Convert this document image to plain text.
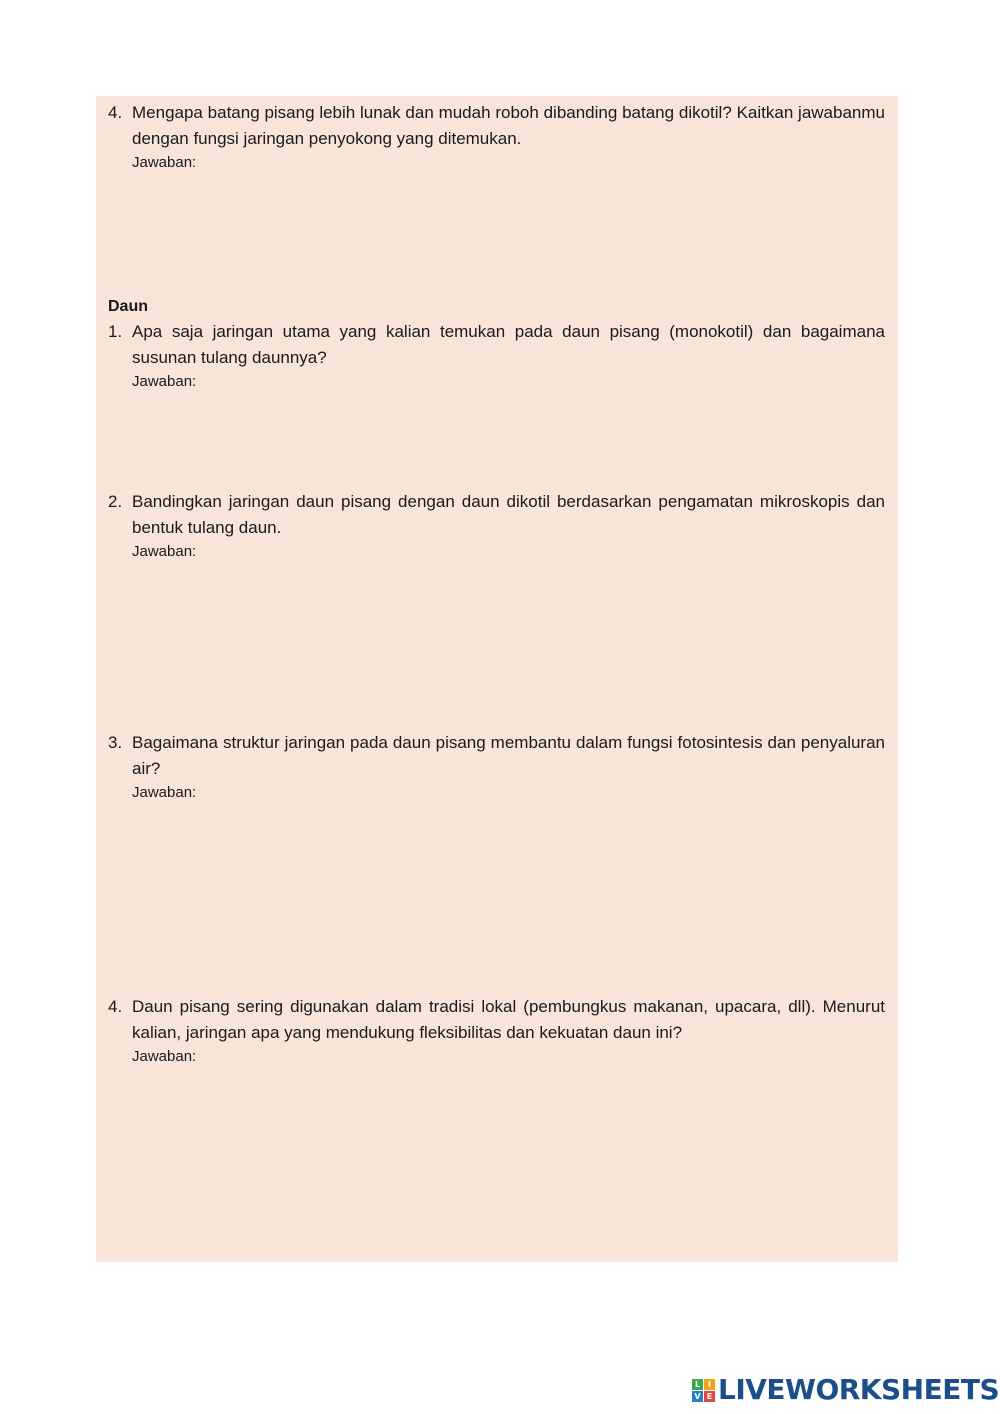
4. Mengapa batang pisang lebih lunak dan mudah roboh dibanding batang dikotil? Kaitkan jawabanmu dengan fungsi jaringan penyokong yang ditemukan.
Jawaban:
Daun
1. Apa saja jaringan utama yang kalian temukan pada daun pisang (monokotil) dan bagaimana susunan tulang daunnya?
Jawaban:
2. Bandingkan jaringan daun pisang dengan daun dikotil berdasarkan pengamatan mikroskopis dan bentuk tulang daun.
Jawaban:
3. Bagaimana struktur jaringan pada daun pisang membantu dalam fungsi fotosintesis dan penyaluran air?
Jawaban:
4. Daun pisang sering digunakan dalam tradisi lokal (pembungkus makanan, upacara, dll). Menurut kalian, jaringan apa yang mendukung fleksibilitas dan kekuatan daun ini?
Jawaban:
L I
V E LIVEWORKSHEETS
